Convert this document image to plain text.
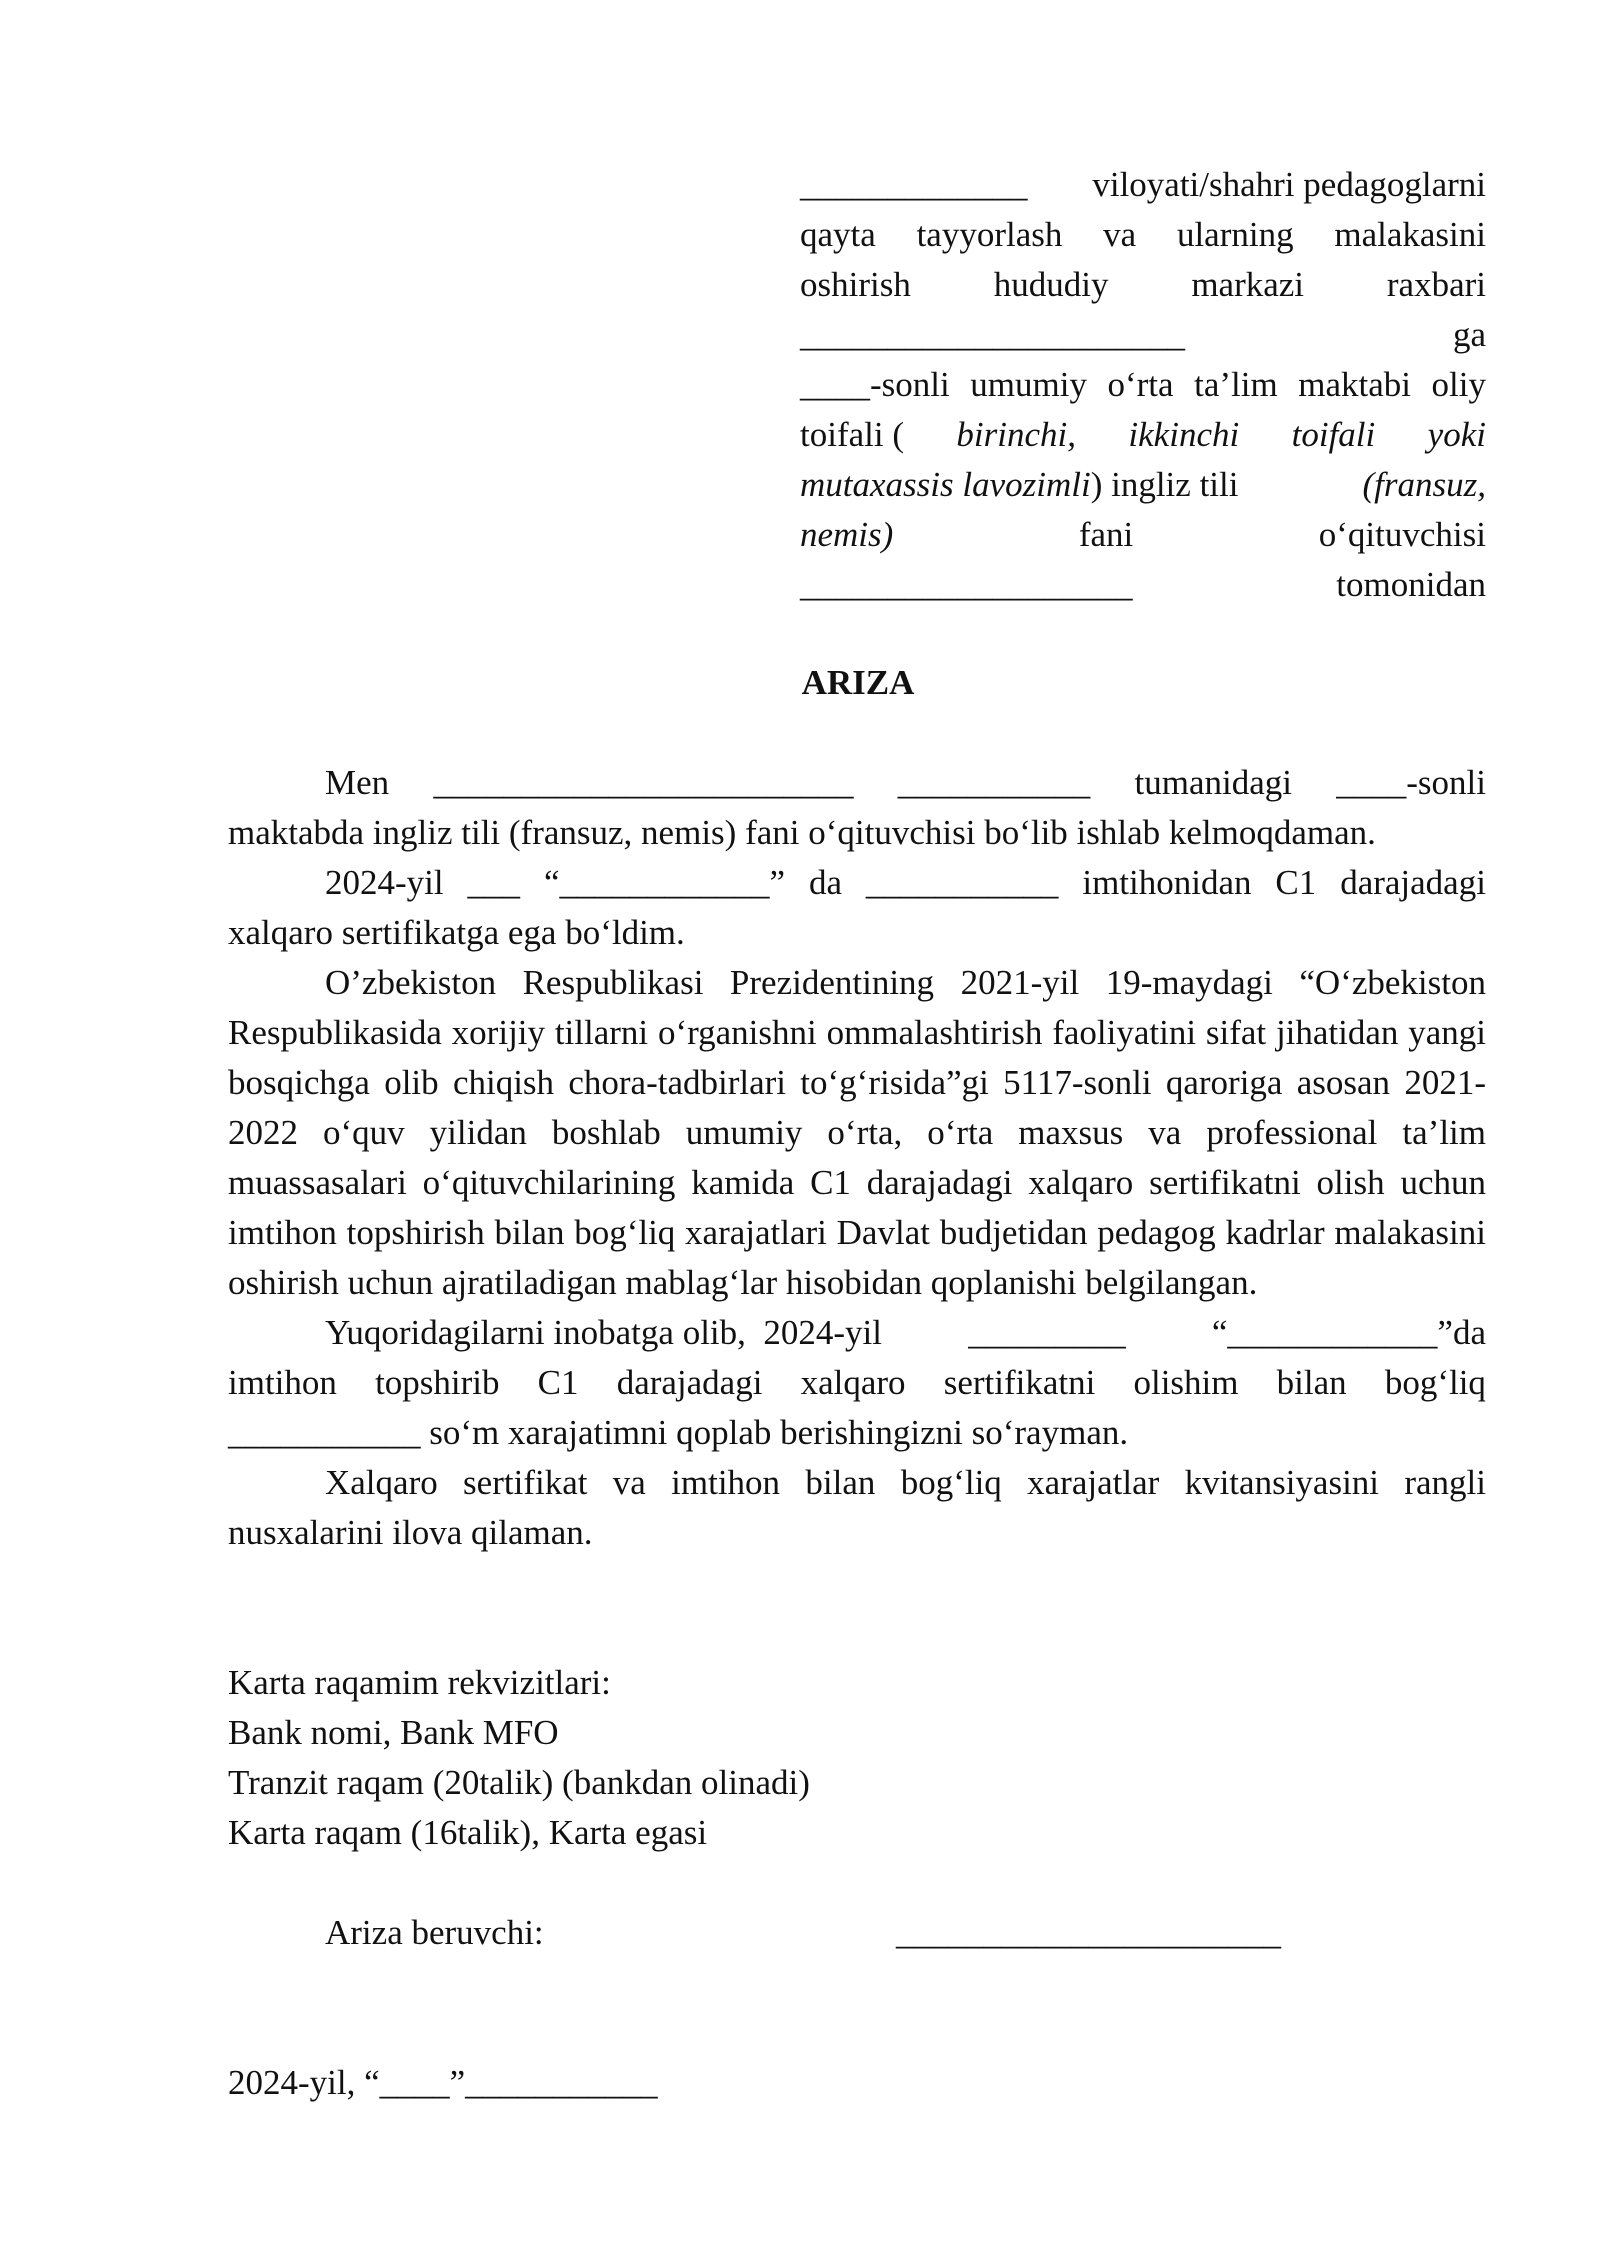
_____________ viloyati/shahri pedagoglarni
qayta tayyorlash va ularning malakasini
oshirish hududiy markazi raxbari
______________________	ga
____-sonli umumiy o‘rta ta’lim maktabi oliy
toifali ( birinchi, ikkinchi toifali yoki
mutaxassis lavozimli) ingliz tili	(fransuz,
nemis)	fani	o‘qituvchisi
___________________	tomonidan
ARIZA
Men ________________________ ___________ tumanidagi ____-sonli
maktabda ingliz tili (fransuz, nemis) fani o‘qituvchisi bo‘lib ishlab kelmoqdaman.
2024-yil ___ “____________” da ___________ imtihonidan C1 darajadagi
xalqaro sertifikatga ega bo‘ldim.

O’zbekiston Respublikasi Prezidentining 2021-yil 19-maydagi “O‘zbekiston Respublikasida xorijiy tillarni o‘rganishni ommalashtirish faoliyatini sifat jihatidan yangi bosqichga olib chiqish chora-tadbirlari to‘g‘risida”gi 5117-sonli qaroriga asosan 2021-2022 o‘quv yilidan boshlab umumiy o‘rta, o‘rta maxsus va professional ta’lim muassasalari o‘qituvchilarining kamida C1 darajadagi xalqaro sertifikatni olish uchun imtihon topshirish bilan bog‘liq xarajatlari Davlat budjetidan pedagog kadrlar malakasini oshirish uchun ajratiladigan mablag‘lar hisobidan qoplanishi belgilangan.

Yuqoridagilarni inobatga olib,  2024-yil _________ “____________”da
imtihon topshirib C1 darajadagi xalqaro sertifikatni olishim bilan bog‘liq
___________ so‘m xarajatimni qoplab berishingizni so‘rayman.

Xalqaro sertifikat va imtihon bilan bog‘liq xarajatlar kvitansiyasini rangli nusxalarini ilova qilaman.

Karta raqamim rekvizitlari:
Bank nomi, Bank MFO
Tranzit raqam (20talik) (bankdan olinadi)
Karta raqam (16talik), Karta egasi
Ariza beruvchi:	______________________
2024-yil, “____”___________
